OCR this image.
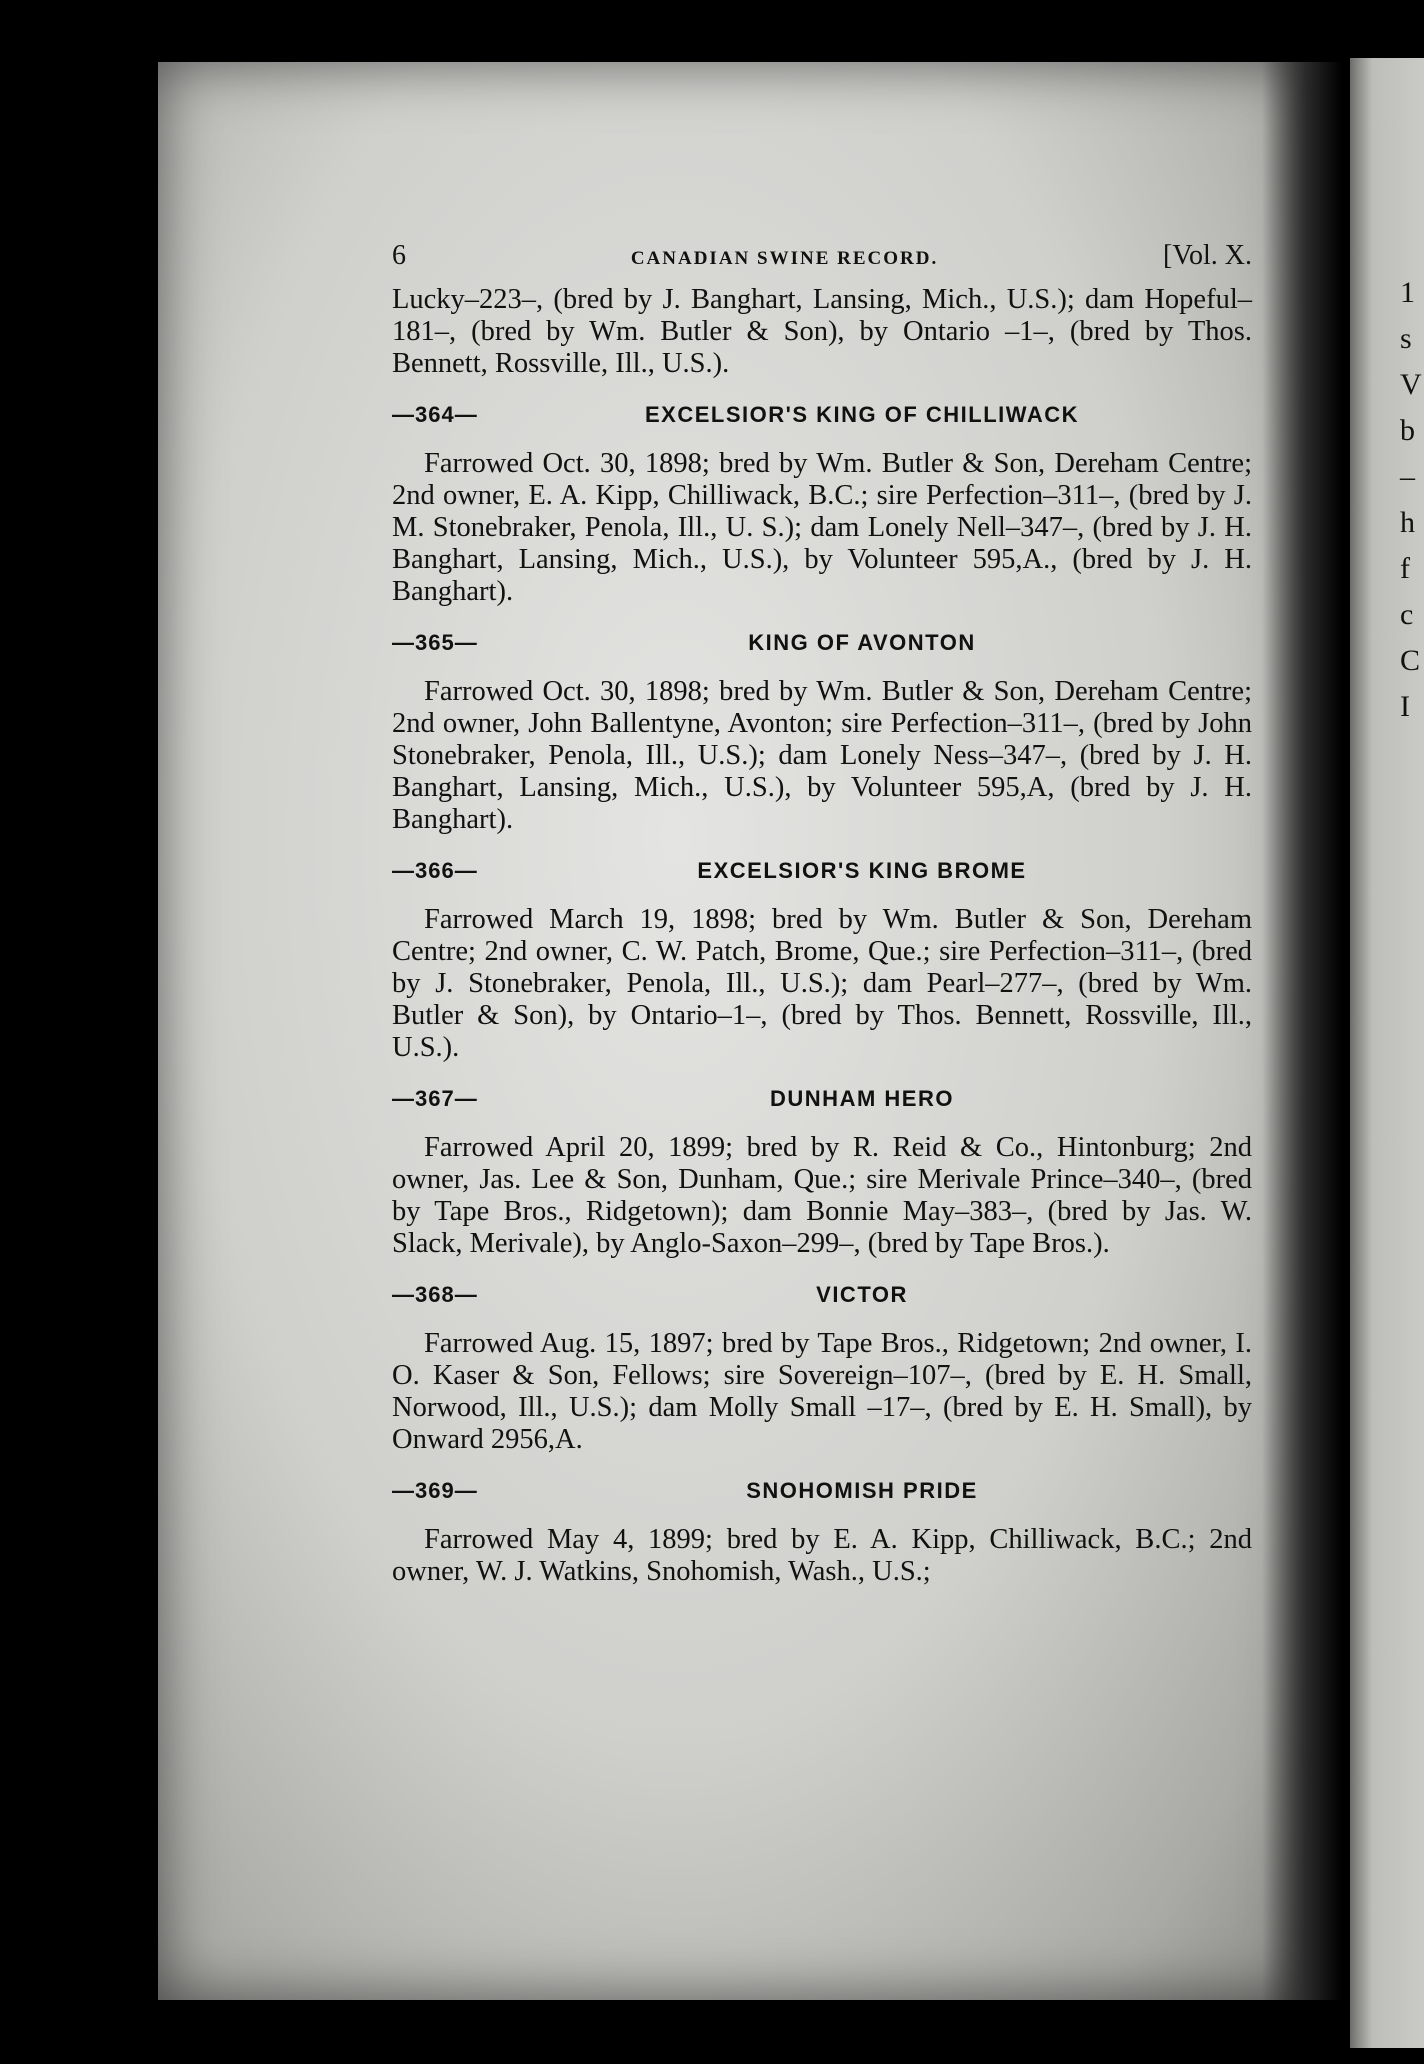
1
s
V
b
–
h
f
c
C
I
6	CANADIAN SWINE RECORD.	[Vol. X.

Lucky–223–, (bred by J. Banghart, Lansing, Mich., U.S.); dam Hopeful–181–, (bred by Wm. Butler & Son), by Ontario –1–, (bred by Thos. Bennett, Rossville, Ill., U.S.).

—364—	EXCELSIOR'S KING OF CHILLIWACK

Farrowed Oct. 30, 1898; bred by Wm. Butler & Son, Dereham Centre; 2nd owner, E. A. Kipp, Chilliwack, B.C.; sire Perfection–311–, (bred by J. M. Stonebraker, Penola, Ill., U. S.); dam Lonely Nell–347–, (bred by J. H. Banghart, Lansing, Mich., U.S.), by Volunteer 595,A., (bred by J. H. Banghart).

—365—	KING OF AVONTON

Farrowed Oct. 30, 1898; bred by Wm. Butler & Son, Dereham Centre; 2nd owner, John Ballentyne, Avonton; sire Perfection–311–, (bred by John Stonebraker, Penola, Ill., U.S.); dam Lonely Ness–347–, (bred by J. H. Banghart, Lansing, Mich., U.S.), by Volunteer 595,A, (bred by J. H. Banghart).

—366—	EXCELSIOR'S KING BROME

Farrowed March 19, 1898; bred by Wm. Butler & Son, Dereham Centre; 2nd owner, C. W. Patch, Brome, Que.; sire Perfection–311–, (bred by J. Stonebraker, Penola, Ill., U.S.); dam Pearl–277–, (bred by Wm. Butler & Son), by Ontario–1–, (bred by Thos. Bennett, Rossville, Ill., U.S.).

—367—	DUNHAM HERO

Farrowed April 20, 1899; bred by R. Reid & Co., Hintonburg; 2nd owner, Jas. Lee & Son, Dunham, Que.; sire Merivale Prince–340–, (bred by Tape Bros., Ridgetown); dam Bonnie May–383–, (bred by Jas. W. Slack, Merivale), by Anglo-Saxon–299–, (bred by Tape Bros.).

—368—	VICTOR

Farrowed Aug. 15, 1897; bred by Tape Bros., Ridgetown; 2nd owner, I. O. Kaser & Son, Fellows; sire Sovereign–107–, (bred by E. H. Small, Norwood, Ill., U.S.); dam Molly Small –17–, (bred by E. H. Small), by Onward 2956,A.

—369—	SNOHOMISH PRIDE

Farrowed May 4, 1899; bred by E. A. Kipp, Chilliwack, B.C.; 2nd owner, W. J. Watkins, Snohomish, Wash., U.S.;
